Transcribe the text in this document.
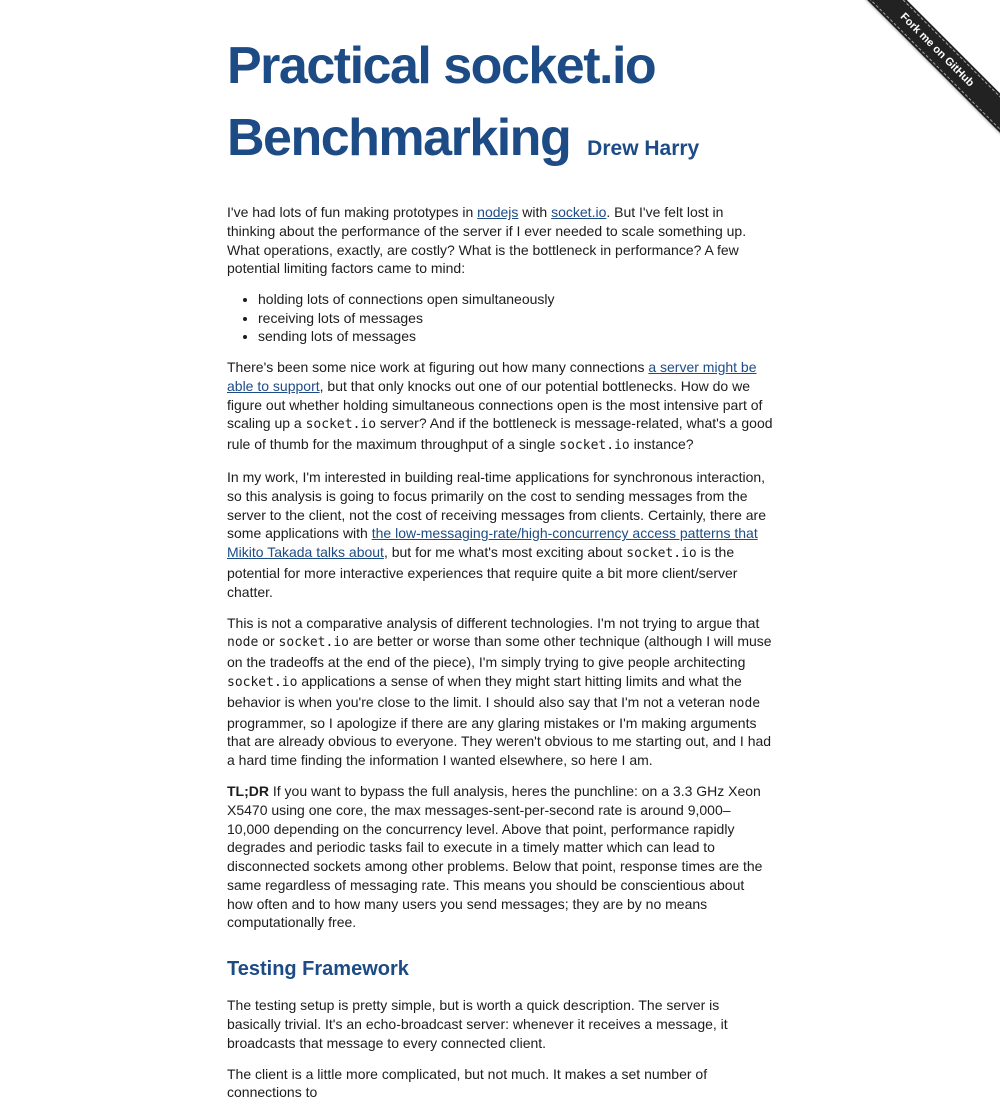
Fork me on GitHub
Practical socket.io
Benchmarking Drew Harry

I've had lots of fun making prototypes in nodejs with socket.io. But I've felt lost in thinking about the performance of the server if I ever needed to scale something up. What operations, exactly, are costly? What is the bottleneck in performance? A few potential limiting factors came to mind:

• holding lots of connections open simultaneously
• receiving lots of messages
• sending lots of messages

There's been some nice work at figuring out how many connections a server might be able to support, but that only knocks out one of our potential bottlenecks. How do we figure out whether holding simultaneous connections open is the most intensive part of scaling up a socket.io server? And if the bottleneck is message-related, what's a good rule of thumb for the maximum throughput of a single socket.io instance?

In my work, I'm interested in building real-time applications for synchronous interaction, so this analysis is going to focus primarily on the cost to sending messages from the server to the client, not the cost of receiving messages from clients. Certainly, there are some applications with the low-messaging-rate/high-concurrency access patterns that Mikito Takada talks about, but for me what's most exciting about socket.io is the potential for more interactive experiences that require quite a bit more client/server chatter.

This is not a comparative analysis of different technologies. I'm not trying to argue that node or socket.io are better or worse than some other technique (although I will muse on the tradeoffs at the end of the piece), I'm simply trying to give people architecting socket.io applications a sense of when they might start hitting limits and what the behavior is when you're close to the limit. I should also say that I'm not a veteran node programmer, so I apologize if there are any glaring mistakes or I'm making arguments that are already obvious to everyone. They weren't obvious to me starting out, and I had a hard time finding the information I wanted elsewhere, so here I am.

TL;DR If you want to bypass the full analysis, heres the punchline: on a 3.3 GHz Xeon X5470 using one core, the max messages-sent-per-second rate is around 9,000–10,000 depending on the concurrency level. Above that point, performance rapidly degrades and periodic tasks fail to execute in a timely matter which can lead to disconnected sockets among other problems. Below that point, response times are the same regardless of messaging rate. This means you should be conscientious about how often and to how many users you send messages; they are by no means computationally free.

Testing Framework

The testing setup is pretty simple, but is worth a quick description. The server is basically trivial. It's an echo-broadcast server: whenever it receives a message, it broadcasts that message to every connected client.

The client is a little more complicated, but not much. It makes a set number of connections to
